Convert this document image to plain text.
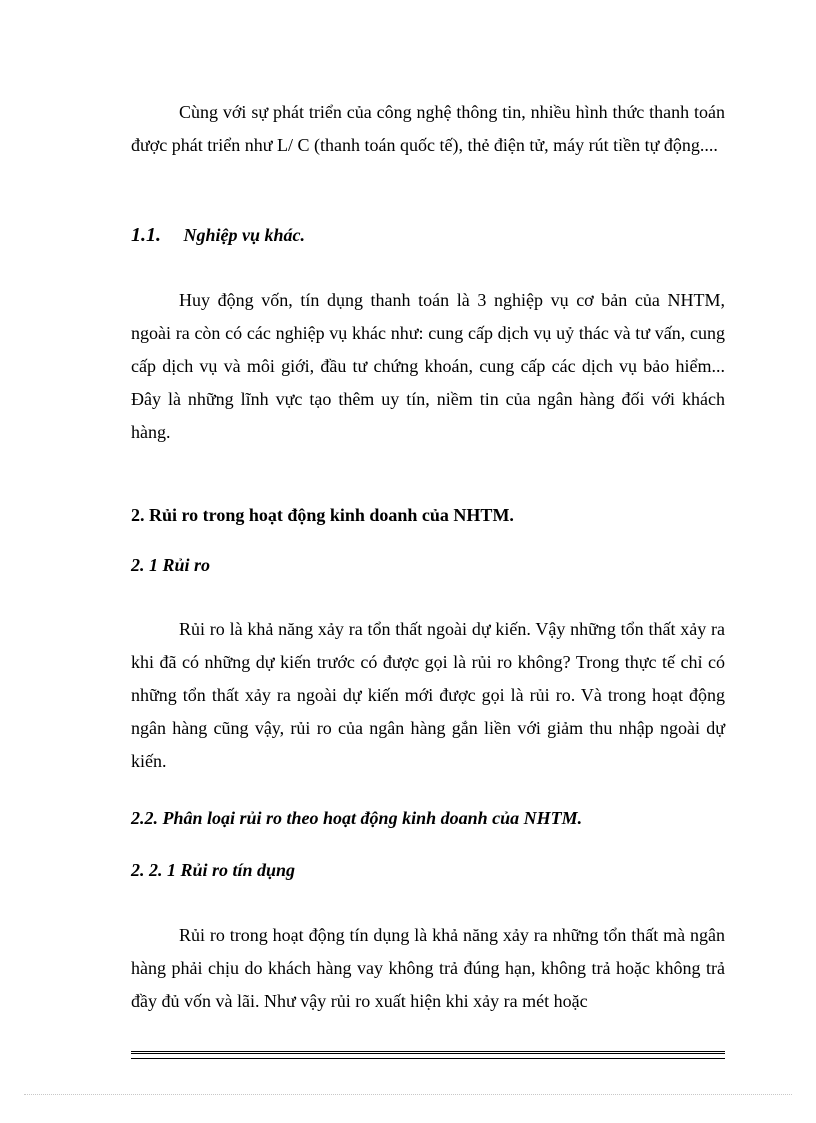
Cùng với sự phát triển của công nghệ thông tin, nhiều hình thức thanh toán được phát triển như L/ C (thanh toán quốc tế), thẻ điện tử, máy rút tiền tự động....

1.1. Nghiệp vụ khác.

Huy động vốn, tín dụng thanh toán là 3 nghiệp vụ cơ bản của NHTM, ngoài ra còn có các nghiệp vụ khác như: cung cấp dịch vụ uỷ thác và tư vấn, cung cấp dịch vụ và môi giới, đầu tư chứng khoán, cung cấp các dịch vụ bảo hiểm... Đây là những lĩnh vực tạo thêm uy tín, niềm tin của ngân hàng đối với khách hàng.

2. Rủi ro trong hoạt động kinh doanh của NHTM.
2. 1 Rủi ro

Rủi ro là khả năng xảy ra tổn thất ngoài dự kiến. Vậy những tổn thất xảy ra khi đã có những dự kiến trước có được gọi là rủi ro không? Trong thực tế chỉ có những tổn thất xảy ra ngoài dự kiến mới được gọi là rủi ro. Và trong hoạt động ngân hàng cũng vậy, rủi ro của ngân hàng gắn liền với giảm thu nhập ngoài dự kiến.

2.2. Phân loại rủi ro theo hoạt động kinh doanh của NHTM.
2. 2. 1 Rủi ro tín dụng

Rủi ro trong hoạt động tín dụng là khả năng xảy ra những tổn thất mà ngân hàng phải chịu do khách hàng vay không trả đúng hạn, không trả hoặc không trả đầy đủ vốn và lãi. Như vậy rủi ro xuất hiện khi xảy ra mét hoặc
